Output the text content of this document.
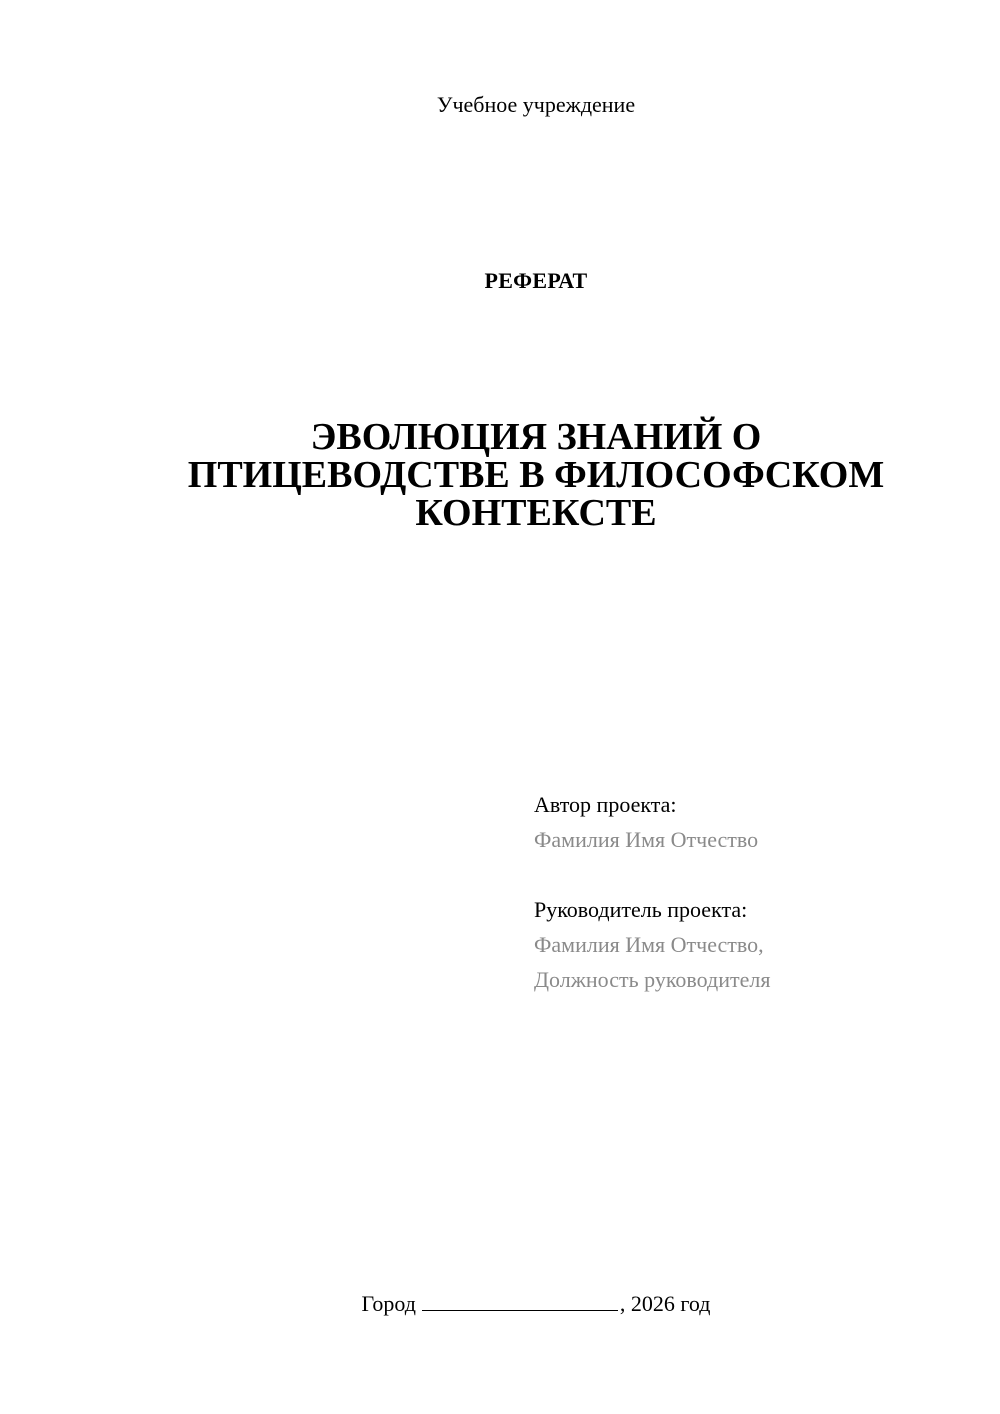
Учебное учреждение
РЕФЕРАТ
ЭВОЛЮЦИЯ ЗНАНИЙ О
ПТИЦЕВОДСТВЕ В ФИЛОСОФСКОМ
КОНТЕКСТЕ
Автор проекта:
Фамилия Имя Отчество
Руководитель проекта:
Фамилия Имя Отчество,
Должность руководителя
Город	, 2026 год
